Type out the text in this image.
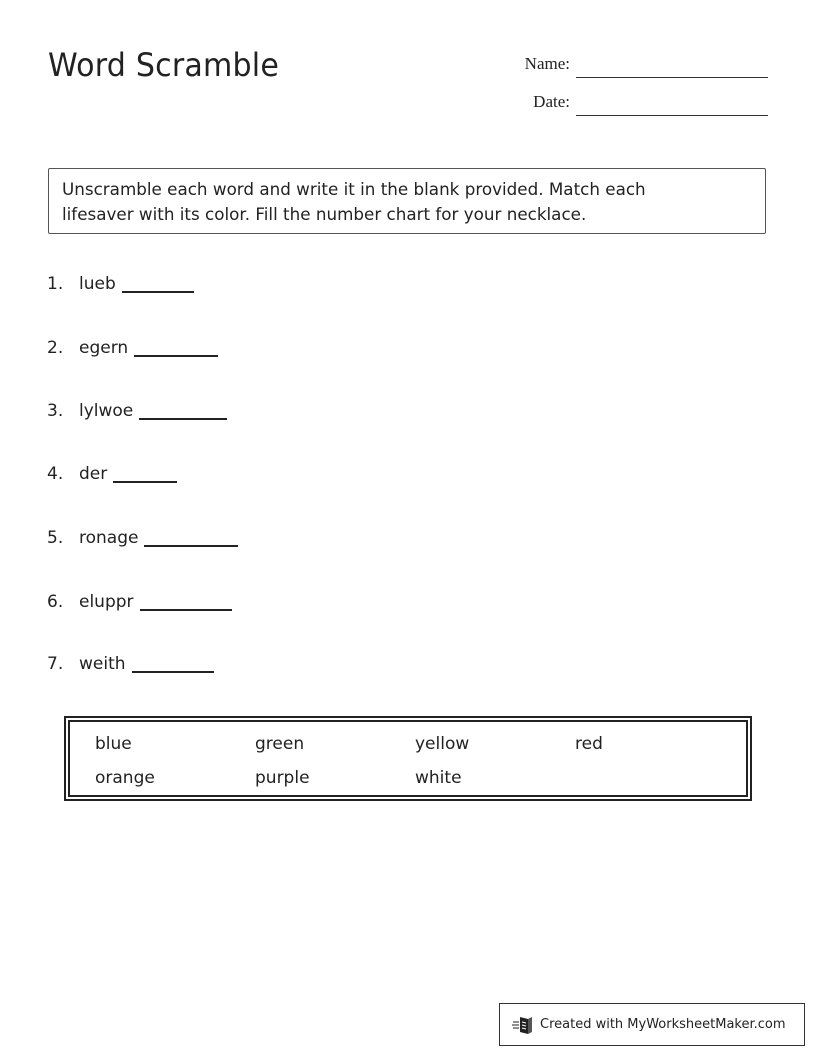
Word Scramble	Name:
Date:
Unscramble each word and write it in the blank provided. Match each
lifesaver with its color. Fill the number chart for your necklace.
1. lueb
2. egern
3. lylwoe
4. der
5. ronage
6. eluppr
7. weith
blue	green	yellow	red
orange	purple	white
Created with MyWorksheetMaker.com
